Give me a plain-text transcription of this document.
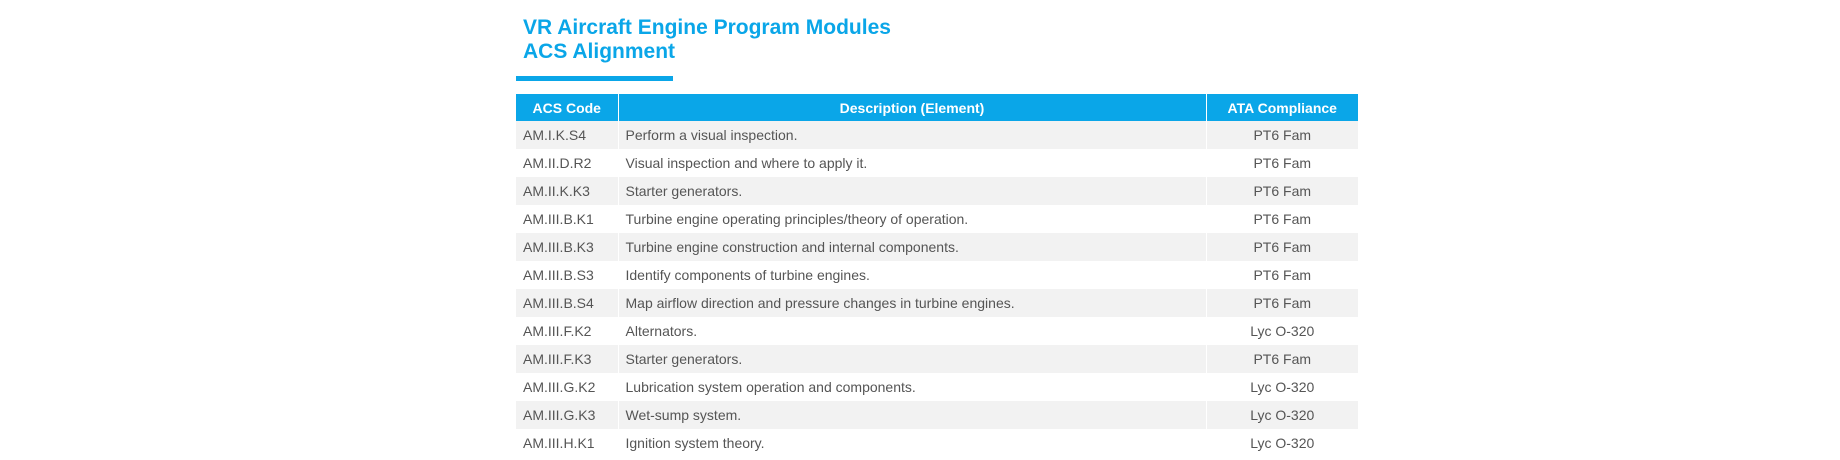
VR Aircraft Engine Program Modules
ACS Alignment
ACS Code	Description (Element)	ATA Compliance
AM.I.K.S4	Perform a visual inspection.	PT6 Fam
AM.II.D.R2	Visual inspection and where to apply it.	PT6 Fam
AM.II.K.K3	Starter generators.	PT6 Fam
AM.III.B.K1	Turbine engine operating principles/theory of operation.	PT6 Fam
AM.III.B.K3	Turbine engine construction and internal components.	PT6 Fam
AM.III.B.S3	Identify components of turbine engines.	PT6 Fam
AM.III.B.S4	Map airflow direction and pressure changes in turbine engines.	PT6 Fam
AM.III.F.K2	Alternators.	Lyc O-320
AM.III.F.K3	Starter generators.	PT6 Fam
AM.III.G.K2	Lubrication system operation and components.	Lyc O-320
AM.III.G.K3	Wet-sump system.	Lyc O-320
AM.III.H.K1	Ignition system theory.	Lyc O-320
